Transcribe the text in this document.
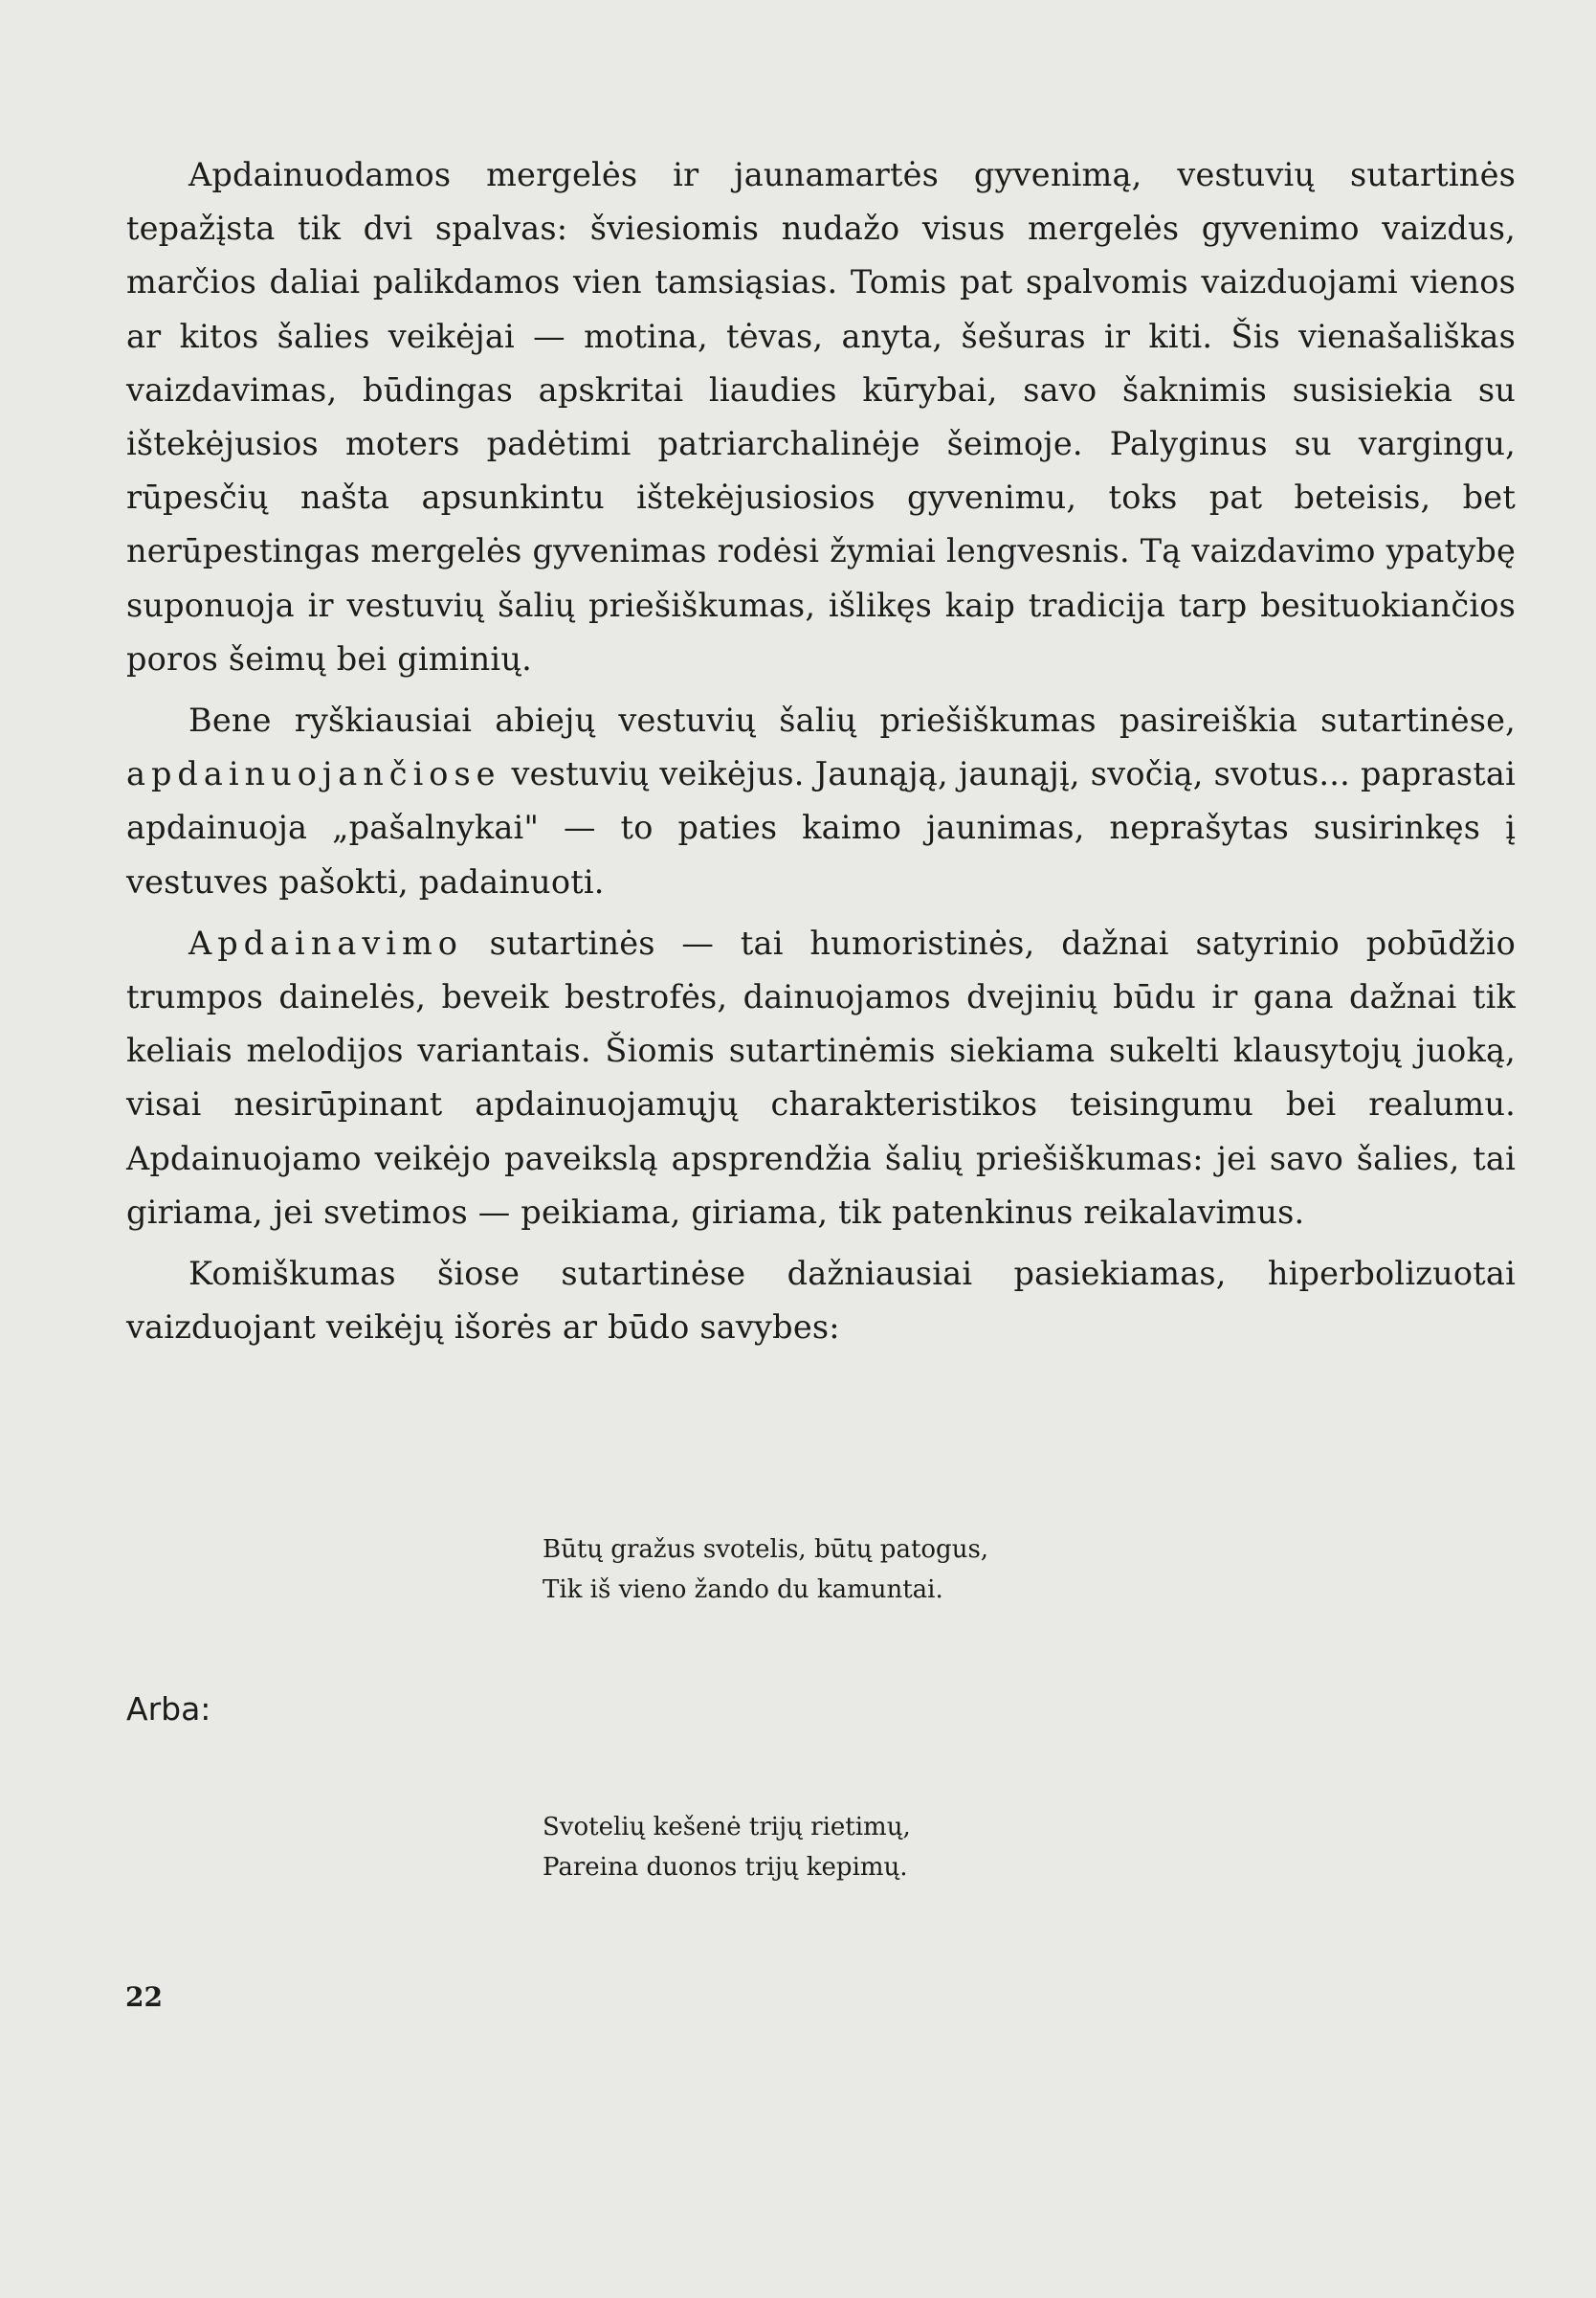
Apdainuodamos mergelės ir jaunamartės gyvenimą, vestuvių sutartinės tepažįsta tik dvi spalvas: šviesiomis nudažo visus mergelės gyvenimo vaizdus, marčios daliai palikdamos vien tamsiąsias. Tomis pat spalvomis vaizduojami vienos ar kitos šalies veikėjai — motina, tėvas, anyta, šešuras ir kiti. Šis vienašališkas vaizdavimas, būdingas apskritai liaudies kūrybai, savo šaknimis susisiekia su ištekėjusios moters padėtimi patriarchalinėje šeimoje. Palyginus su vargingu, rūpesčių našta apsunkintu ištekėjusiosios gyvenimu, toks pat beteisis, bet nerūpestingas mergelės gyvenimas rodėsi žymiai lengvesnis. Tą vaizdavimo ypatybę suponuoja ir vestuvių šalių priešiškumas, išlikęs kaip tradicija tarp besituokiančios poros šeimų bei giminių.

Bene ryškiausiai abiejų vestuvių šalių priešiškumas pasireiškia sutartinėse, apdainuojančiose vestuvių veikėjus. Jaunąją, jaunąjį, svočią, svotus... paprastai apdainuoja „pašalnykai" — to paties kaimo jaunimas, neprašytas susirinkęs į vestuves pašokti, padainuoti.

Apdainavimo sutartinės — tai humoristinės, dažnai satyrinio pobūdžio trumpos dainelės, beveik bestrofės, dainuojamos dvejinių būdu ir gana dažnai tik keliais melodijos variantais. Šiomis sutartinėmis siekiama sukelti klausytojų juoką, visai nesirūpinant apdainuojamųjų charakteristikos teisingumu bei realumu. Apdainuojamo veikėjo paveikslą apsprendžia šalių priešiškumas: jei savo šalies, tai giriama, jei svetimos — peikiama, giriama, tik patenkinus reikalavimus.

Komiškumas šiose sutartinėse dažniausiai pasiekiamas, hiperbolizuotai vaizduojant veikėjų išorės ar būdo savybes:

Būtų gražus svotelis, būtų patogus,
Tik iš vieno žando du kamuntai.
Arba:
Svotelių kešenė trijų rietimų,
Pareina duonos trijų kepimų.
22
